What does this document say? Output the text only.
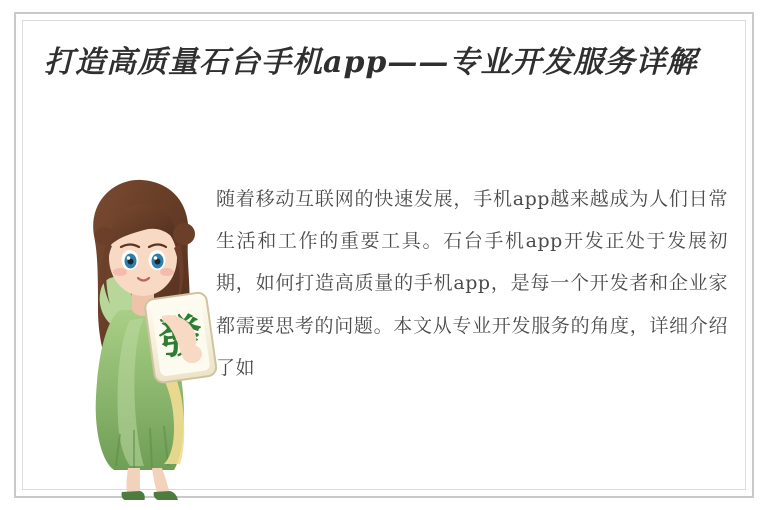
打造高质量石台手机app——专业开发服务详解

随着移动互联网的快速发展，手机app越来越成为人们日常生活和工作的重要工具。石台手机app开发正处于发展初期，如何打造高质量的手机app，是每一个开发者和企业家都需要思考的问题。本文从专业开发服务的角度，详细介绍了如
